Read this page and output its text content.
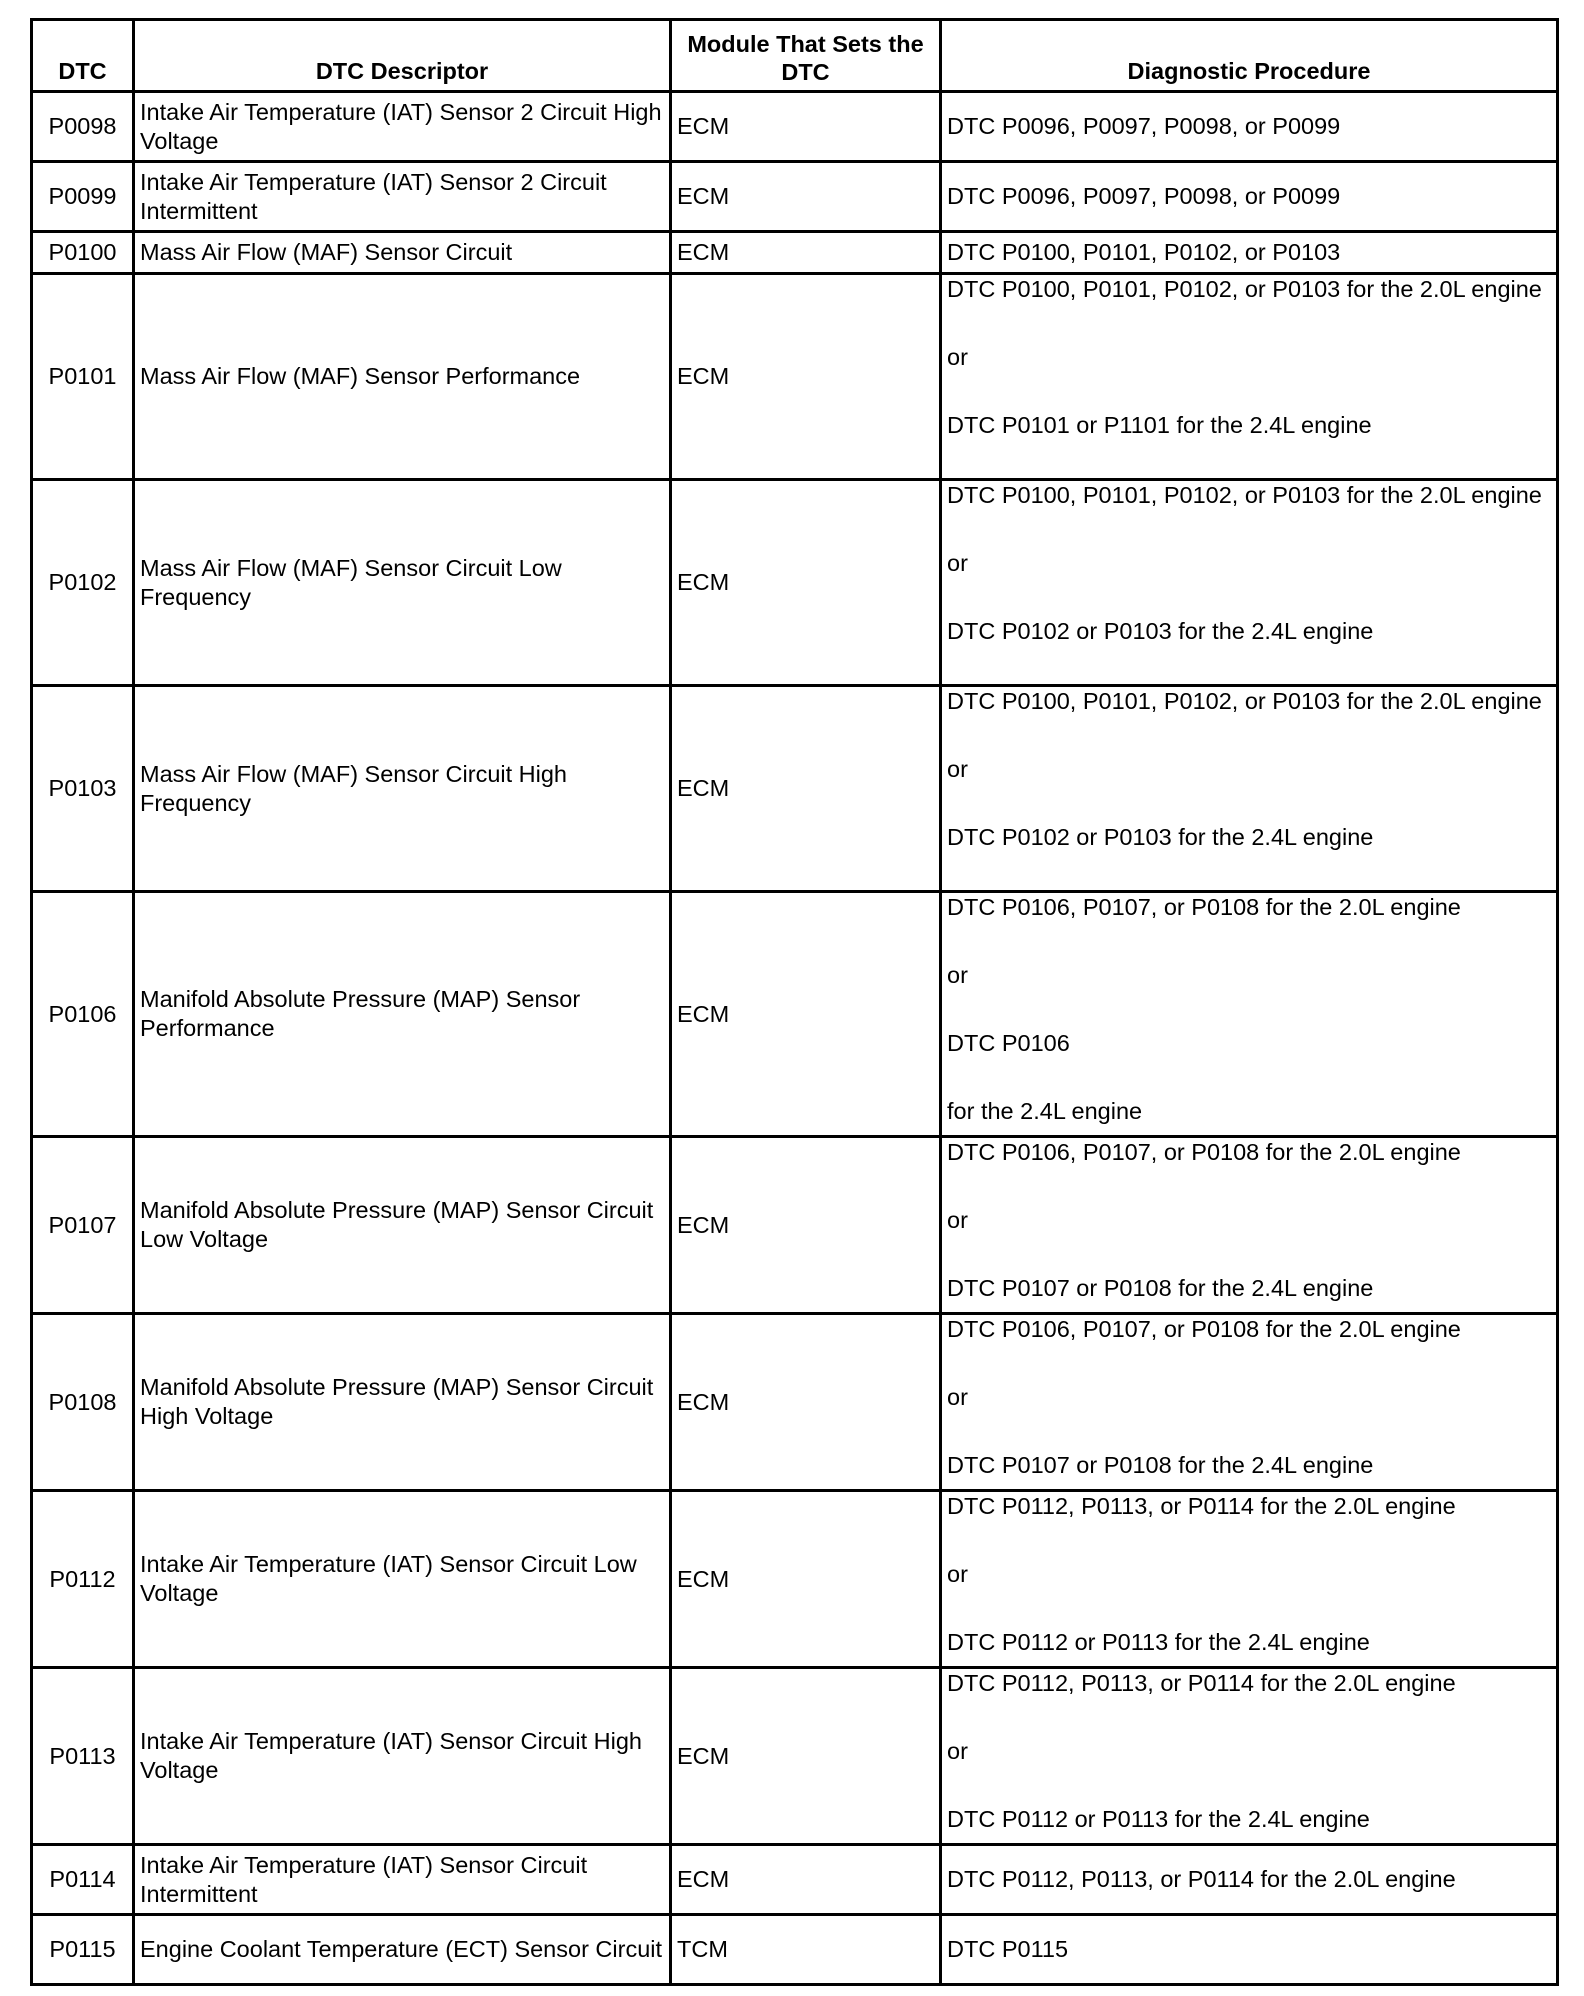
DTC	DTC Descriptor	Module That Sets the DTC	Diagnostic Procedure
P0098	Intake Air Temperature (IAT) Sensor 2 Circuit High Voltage	ECM	DTC P0096, P0097, P0098, or P0099

P0099	Intake Air Temperature (IAT) Sensor 2 Circuit Intermittent	ECM	DTC P0096, P0097, P0098, or P0099

P0100	Mass Air Flow (MAF) Sensor Circuit	ECM	DTC P0100, P0101, P0102, or P0103

P0101	Mass Air Flow (MAF) Sensor Performance	ECM	DTC P0100, P0101, P0102, or P0103 for the 2.0L engine
or
DTC P0101 or P1101 for the 2.4L engine

P0102	Mass Air Flow (MAF) Sensor Circuit Low Frequency	ECM	DTC P0100, P0101, P0102, or P0103 for the 2.0L engine
or
DTC P0102 or P0103 for the 2.4L engine

P0103	Mass Air Flow (MAF) Sensor Circuit High Frequency	ECM	DTC P0100, P0101, P0102, or P0103 for the 2.0L engine
or
DTC P0102 or P0103 for the 2.4L engine

P0106	Manifold Absolute Pressure (MAP) Sensor Performance	ECM	DTC P0106, P0107, or P0108 for the 2.0L engine
or
DTC P0106
for the 2.4L engine

P0107	Manifold Absolute Pressure (MAP) Sensor Circuit Low Voltage	ECM	DTC P0106, P0107, or P0108 for the 2.0L engine
or
DTC P0107 or P0108 for the 2.4L engine

P0108	Manifold Absolute Pressure (MAP) Sensor Circuit High Voltage	ECM	DTC P0106, P0107, or P0108 for the 2.0L engine
or
DTC P0107 or P0108 for the 2.4L engine

P0112	Intake Air Temperature (IAT) Sensor Circuit Low Voltage	ECM	DTC P0112, P0113, or P0114 for the 2.0L engine
or
DTC P0112 or P0113 for the 2.4L engine

P0113	Intake Air Temperature (IAT) Sensor Circuit High Voltage	ECM	DTC P0112, P0113, or P0114 for the 2.0L engine
or
DTC P0112 or P0113 for the 2.4L engine

P0114	Intake Air Temperature (IAT) Sensor Circuit Intermittent	ECM	DTC P0112, P0113, or P0114 for the 2.0L engine

P0115	Engine Coolant Temperature (ECT) Sensor Circuit	TCM	DTC P0115
